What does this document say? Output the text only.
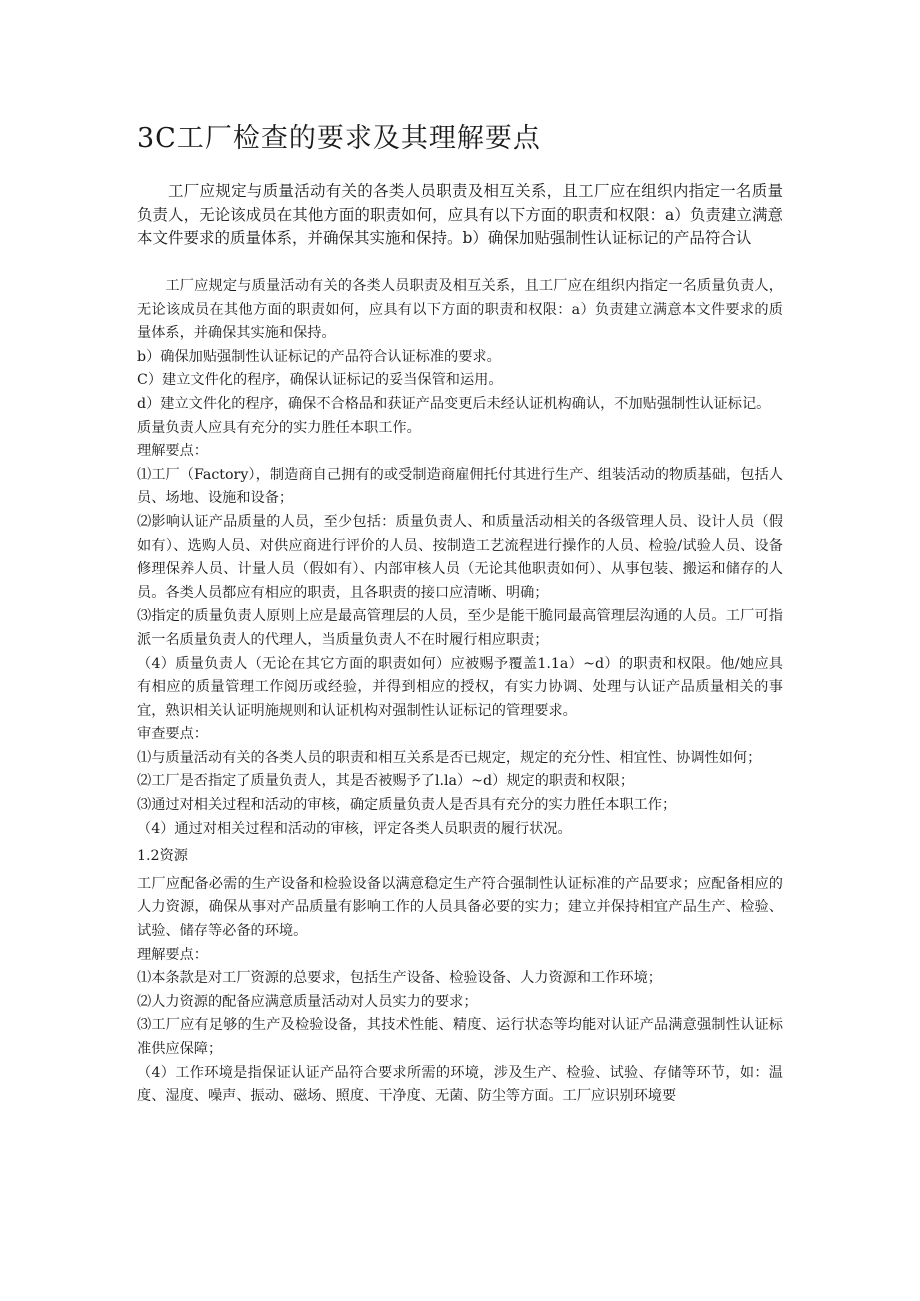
3C工厂检查的要求及其理解要点

工厂应规定与质量活动有关的各类人员职责及相互关系，且工厂应在组织内指定一名质量负责人，无论该成员在其他方面的职责如何，应具有以下方面的职责和权限：a）负责建立满意本文件要求的质量体系，并确保其实施和保持。b）确保加贴强制性认证标记的产品符合认

工厂应规定与质量活动有关的各类人员职责及相互关系，且工厂应在组织内指定一名质量负责人，无论该成员在其他方面的职责如何，应具有以下方面的职责和权限：a）负责建立满意本文件要求的质量体系，并确保其实施和保持。

b）确保加贴强制性认证标记的产品符合认证标准的要求。

C）建立文件化的程序，确保认证标记的妥当保管和运用。

d）建立文件化的程序，确保不合格品和获证产品变更后未经认证机构确认，不加贴强制性认证标记。

质量负责人应具有充分的实力胜任本职工作。

理解要点：

⑴工厂（Factory），制造商自己拥有的或受制造商雇佣托付其进行生产、组装活动的物质基础，包括人员、场地、设施和设备；

⑵影响认证产品质量的人员，至少包括：质量负责人、和质量活动相关的各级管理人员、设计人员（假如有）、选购人员、对供应商进行评价的人员、按制造工艺流程进行操作的人员、检验/试验人员、设备修理保养人员、计量人员（假如有）、内部审核人员（无论其他职责如何）、从事包装、搬运和储存的人员。各类人员都应有相应的职责，且各职责的接口应清晰、明确；

⑶指定的质量负责人原则上应是最高管理层的人员，至少是能干脆同最高管理层沟通的人员。工厂可指派一名质量负责人的代理人，当质量负责人不在时履行相应职责；

（4）质量负责人（无论在其它方面的职责如何）应被赐予覆盖1.1a）~d）的职责和权限。他/她应具有相应的质量管理工作阅历或经验，并得到相应的授权，有实力协调、处理与认证产品质量相关的事宜，熟识相关认证明施规则和认证机构对强制性认证标记的管理要求。

审查要点：

⑴与质量活动有关的各类人员的职责和相互关系是否已规定，规定的充分性、相宜性、协调性如何；

⑵工厂是否指定了质量负责人，其是否被赐予了l.la）~d）规定的职责和权限；

⑶通过对相关过程和活动的审核，确定质量负责人是否具有充分的实力胜任本职工作；

（4）通过对相关过程和活动的审核，评定各类人员职责的履行状况。

1.2资源

工厂应配备必需的生产设备和检验设备以满意稳定生产符合强制性认证标准的产品要求；应配备相应的人力资源，确保从事对产品质量有影响工作的人员具备必要的实力；建立并保持相宜产品生产、检验、试验、储存等必备的环境。

理解要点：

⑴本条款是对工厂资源的总要求，包括生产设备、检验设备、人力资源和工作环境；

⑵人力资源的配备应满意质量活动对人员实力的要求；

⑶工厂应有足够的生产及检验设备，其技术性能、精度、运行状态等均能对认证产品满意强制性认证标准供应保障；

（4）工作环境是指保证认证产品符合要求所需的环境，涉及生产、检验、试验、存储等环节，如：温度、湿度、噪声、振动、磁场、照度、干净度、无菌、防尘等方面。工厂应识别环境要
